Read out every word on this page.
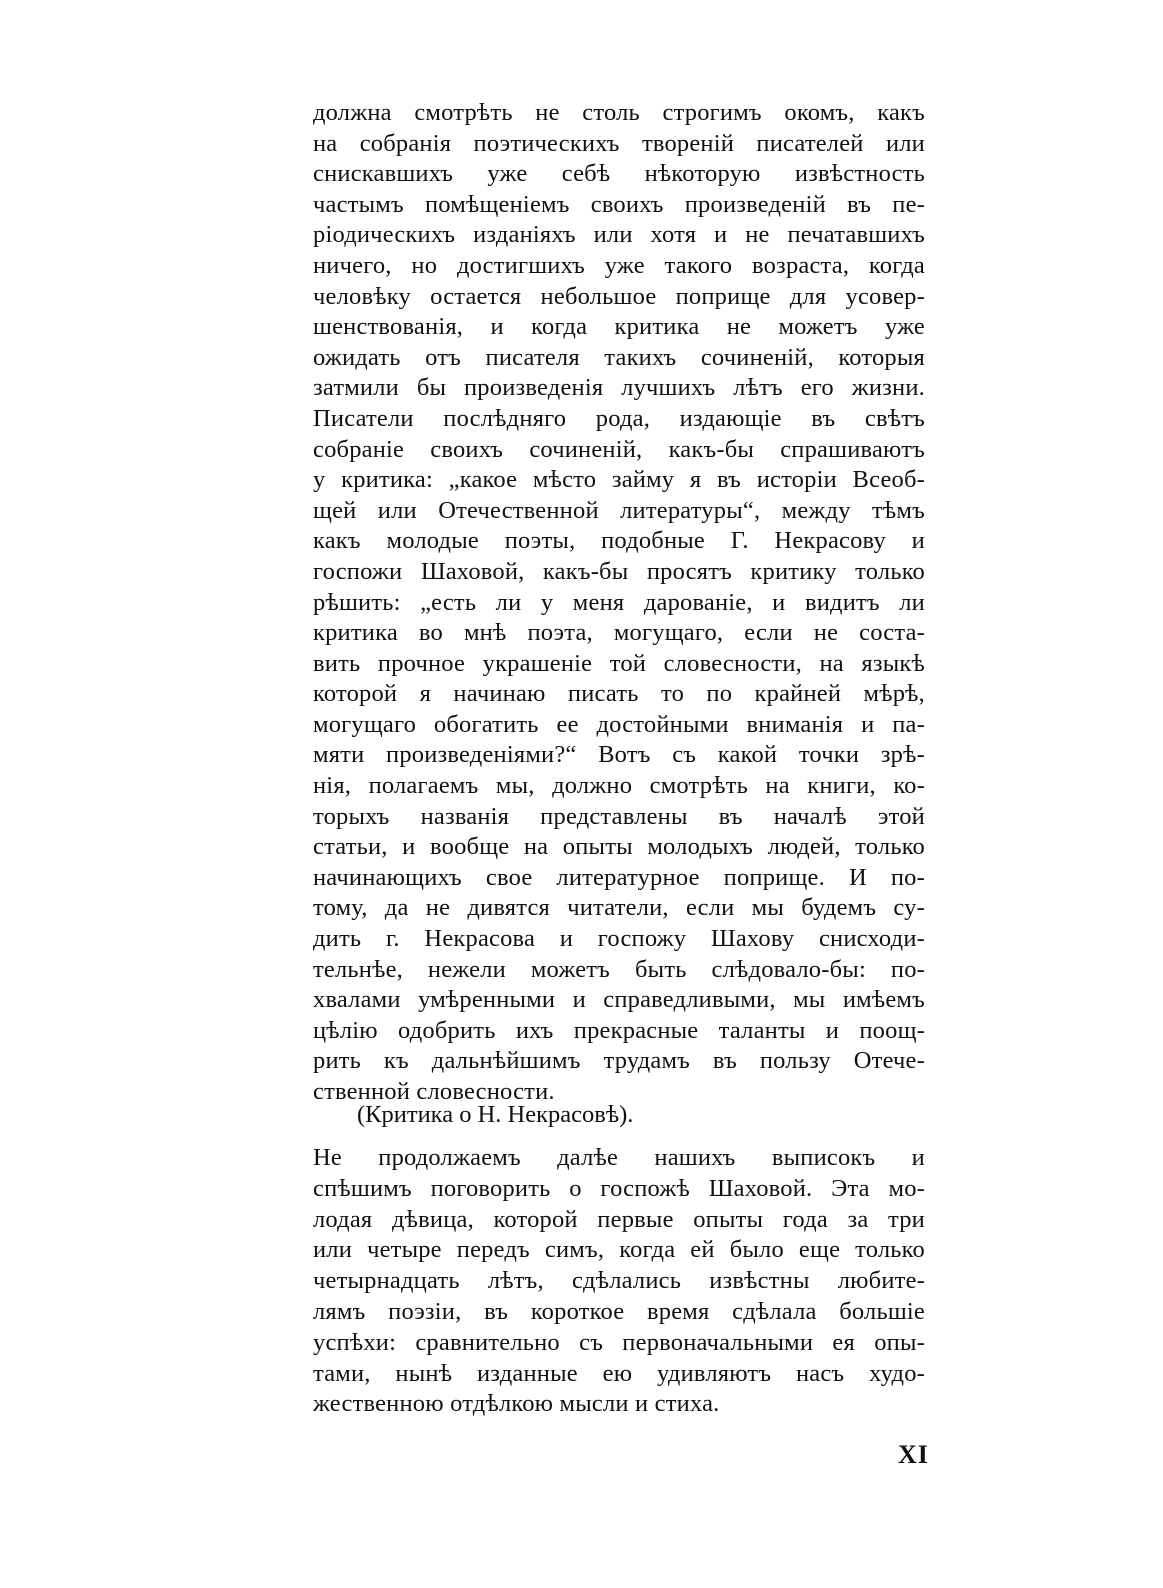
должна смотрѣть не столь строгимъ окомъ, какъ
на собранія поэтическихъ твореній писателей или
снискавшихъ уже себѣ нѣкоторую извѣстность
частымъ помѣщеніемъ своихъ произведеній въ пе-
ріодическихъ изданіяхъ или хотя и не печатавшихъ
ничего, но достигшихъ уже такого возраста, когда
человѣку остается небольшое поприще для усовер-
шенствованія, и когда критика не можетъ уже
ожидать отъ писателя такихъ сочиненій, которыя
затмили бы произведенія лучшихъ лѣтъ его жизни.
Писатели послѣдняго рода, издающіе въ свѣтъ
собраніе своихъ сочиненій, какъ-бы спрашиваютъ
у критика: „какое мѣсто займу я въ исторіи Всеоб-
щей или Отечественной литературы“, между тѣмъ
какъ молодые поэты, подобные Г. Некрасову и
госпожи Шаховой, какъ-бы просятъ критику только
рѣшить: „есть ли у меня дарованіе, и видитъ ли
критика во мнѣ поэта, могущаго, если не соста-
вить прочное украшеніе той словесности, на языкѣ
которой я начинаю писать то по крайней мѣрѣ,
могущаго обогатить ее достойными вниманія и па-
мяти произведеніями?“ Вотъ съ какой точки зрѣ-
нія, полагаемъ мы, должно смотрѣть на книги, ко-
торыхъ названія представлены въ началѣ этой
статьи, и вообще на опыты молодыхъ людей, только
начинающихъ свое литературное поприще. И по-
тому, да не дивятся читатели, если мы будемъ су-
дить г. Некрасова и госпожу Шахову снисходи-
тельнѣе, нежели можетъ быть слѣдовало-бы: по-
хвалами умѣренными и справедливыми, мы имѣемъ
цѣлію одобрить ихъ прекрасные таланты и поощ-
рить къ дальнѣйшимъ трудамъ въ пользу Отече-
ственной словесности.
(Критика о Н. Некрасовѣ).
Не продолжаемъ далѣе нашихъ выписокъ и
спѣшимъ поговорить о госпожѣ Шаховой. Эта мо-
лодая дѣвица, которой первые опыты года за три
или четыре передъ симъ, когда ей было еще только
четырнадцать лѣтъ, сдѣлались извѣстны любите-
лямъ поэзіи, въ короткое время сдѣлала большіе
успѣхи: сравнительно съ первоначальными ея опы-
тами, нынѣ изданные ею удивляютъ насъ худо-
жественною отдѣлкою мысли и стиха.
XI
